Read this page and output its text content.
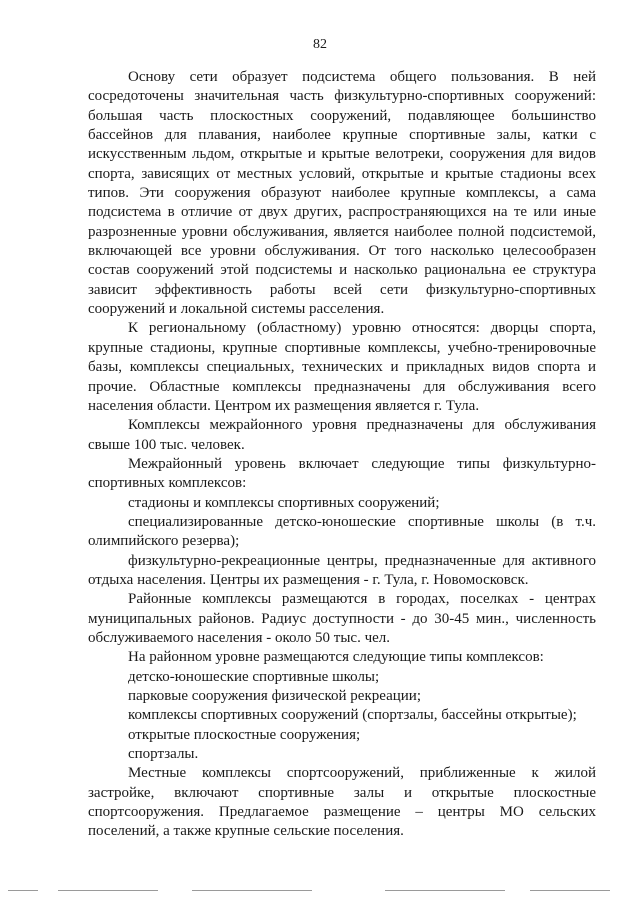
82
Основу сети образует подсистема общего пользования. В ней
сосредоточены значительная часть физкультурно-спортивных сооружений:
большая часть плоскостных сооружений, подавляющее большинство
бассейнов для плавания, наиболее крупные спортивные залы, катки с
искусственным льдом, открытые и крытые велотреки, сооружения для видов
спорта, зависящих от местных условий, открытые и крытые стадионы всех
типов. Эти сооружения образуют наиболее крупные комплексы, а сама
подсистема в отличие от двух других, распространяющихся на те или иные
разрозненные уровни обслуживания, является наиболее полной подсистемой,
включающей все уровни обслуживания. От того насколько целесообразен
состав сооружений этой подсистемы и насколько рациональна ее структура
зависит эффективность работы всей сети физкультурно-спортивных
сооружений и локальной системы расселения.
К региональному (областному) уровню относятся: дворцы спорта,
крупные стадионы, крупные спортивные комплексы, учебно-тренировочные
базы, комплексы специальных, технических и прикладных видов спорта и
прочие. Областные комплексы предназначены для обслуживания всего
населения области. Центром их размещения является г. Тула.
Комплексы межрайонного уровня предназначены для обслуживания
свыше 100 тыс. человек.
Межрайонный уровень включает следующие типы физкультурно-
спортивных комплексов:
стадионы и комплексы спортивных сооружений;
специализированные детско-юношеские спортивные школы (в т.ч.
олимпийского резерва);
физкультурно-рекреационные центры, предназначенные для активного
отдыха населения. Центры их размещения - г. Тула, г. Новомосковск.
Районные комплексы размещаются в городах, поселках - центрах
муниципальных районов. Радиус доступности - до 30-45 мин., численность
обслуживаемого населения - около 50 тыс. чел.
На районном уровне размещаются следующие типы комплексов:
детско-юношеские спортивные школы;
парковые сооружения физической рекреации;
комплексы спортивных сооружений (спортзалы, бассейны открытые);
открытые плоскостные сооружения;
спортзалы.
Местные комплексы спортсооружений, приближенные к жилой
застройке, включают спортивные залы и открытые плоскостные
спортсооружения. Предлагаемое размещение – центры МО сельских
поселений, а также крупные сельские поселения.
